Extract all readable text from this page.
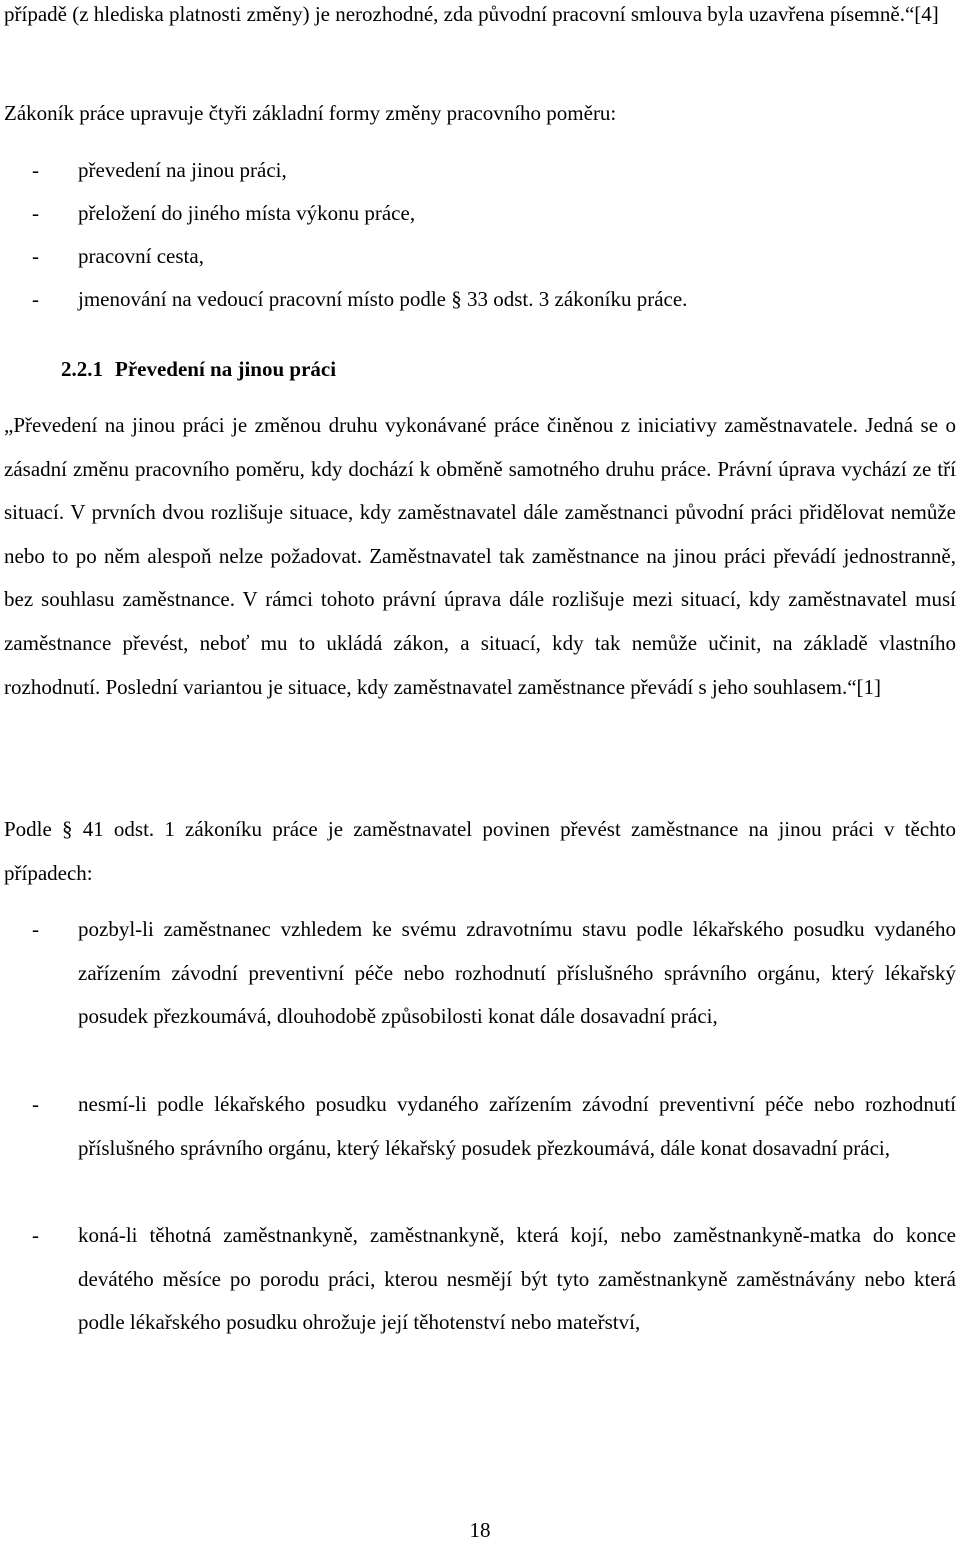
případě (z hlediska platnosti změny) je nerozhodné, zda původní pracovní smlouva byla uzavřena písemně.“[4]

Zákoník práce upravuje čtyři základní formy změny pracovního poměru:

-	převedení na jinou práci,

-	přeložení do jiného místa výkonu práce,

-	pracovní cesta,

-	jmenování na vedoucí pracovní místo podle § 33 odst. 3 zákoníku práce.

2.2.1 Převedení na jinou práci

„Převedení na jinou práci je změnou druhu vykonávané práce činěnou z iniciativy zaměstnavatele. Jedná se o zásadní změnu pracovního poměru, kdy dochází k obměně samotného druhu práce. Právní úprava vychází ze tří situací. V prvních dvou rozlišuje situace, kdy zaměstnavatel dále zaměstnanci původní práci přidělovat nemůže nebo to po něm alespoň nelze požadovat. Zaměstnavatel tak zaměstnance na jinou práci převádí jednostranně, bez souhlasu zaměstnance. V rámci tohoto právní úprava dále rozlišuje mezi situací, kdy zaměstnavatel musí zaměstnance převést, neboť mu to ukládá zákon, a situací, kdy tak nemůže učinit, na základě vlastního rozhodnutí. Poslední variantou je situace, kdy zaměstnavatel zaměstnance převádí s jeho souhlasem.“[1]

Podle § 41 odst. 1 zákoníku práce je zaměstnavatel povinen převést zaměstnance na jinou práci v těchto případech:

-	pozbyl-li zaměstnanec vzhledem ke svému zdravotnímu stavu podle lékařského posudku vydaného zařízením závodní preventivní péče nebo rozhodnutí příslušného správního orgánu, který lékařský posudek přezkoumává, dlouhodobě způsobilosti konat dále dosavadní práci,

-	nesmí-li podle lékařského posudku vydaného zařízením závodní preventivní péče nebo rozhodnutí příslušného správního orgánu, který lékařský posudek přezkoumává, dále konat dosavadní práci,

-	koná-li těhotná zaměstnankyně, zaměstnankyně, která kojí, nebo zaměstnankyně-matka do konce devátého měsíce po porodu práci, kterou nesmějí být tyto zaměstnankyně zaměstnávány nebo která podle lékařského posudku ohrožuje její těhotenství nebo mateřství,

18
